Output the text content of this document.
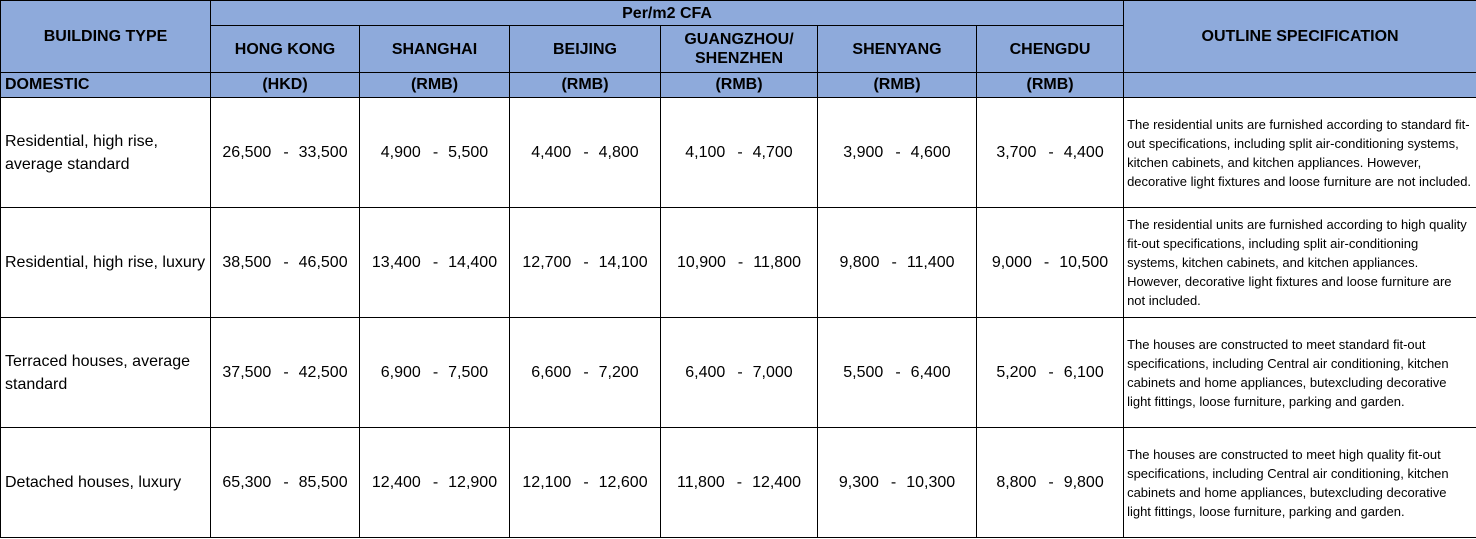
BUILDING TYPE	Per/m2 CFA						OUTLINE SPECIFICATION
	HONG KONG	SHANGHAI	BEIJING	GUANGZHOU/ SHENZHEN	SHENYANG	CHENGDU	
DOMESTIC	(HKD)	(RMB)	(RMB)	(RMB)	(RMB)	(RMB)	
Residential, high rise, average standard	26,500 - 33,500	4,900 - 5,500	4,400 - 4,800	4,100 - 4,700	3,900 - 4,600	3,700 - 4,400	The residential units are furnished according to standard fit-out specifications, including split air-conditioning systems, kitchen cabinets, and kitchen appliances. However, decorative light fixtures and loose furniture are not included.
Residential, high rise, luxury	38,500 - 46,500	13,400 - 14,400	12,700 - 14,100	10,900 - 11,800	9,800 - 11,400	9,000 - 10,500	The residential units are furnished according to high quality fit-out specifications, including split air-conditioning systems, kitchen cabinets, and kitchen appliances. However, decorative light fixtures and loose furniture are not included.
Terraced houses, average standard	37,500 - 42,500	6,900 - 7,500	6,600 - 7,200	6,400 - 7,000	5,500 - 6,400	5,200 - 6,100	The houses are constructed to meet standard fit-out specifications, including Central air conditioning, kitchen cabinets and home appliances, butexcluding decorative light fittings, loose furniture, parking and garden.
Detached houses, luxury	65,300 - 85,500	12,400 - 12,900	12,100 - 12,600	11,800 - 12,400	9,300 - 10,300	8,800 - 9,800	The houses are constructed to meet high quality fit-out specifications, including Central air conditioning, kitchen cabinets and home appliances, butexcluding decorative light fittings, loose furniture, parking and garden.
